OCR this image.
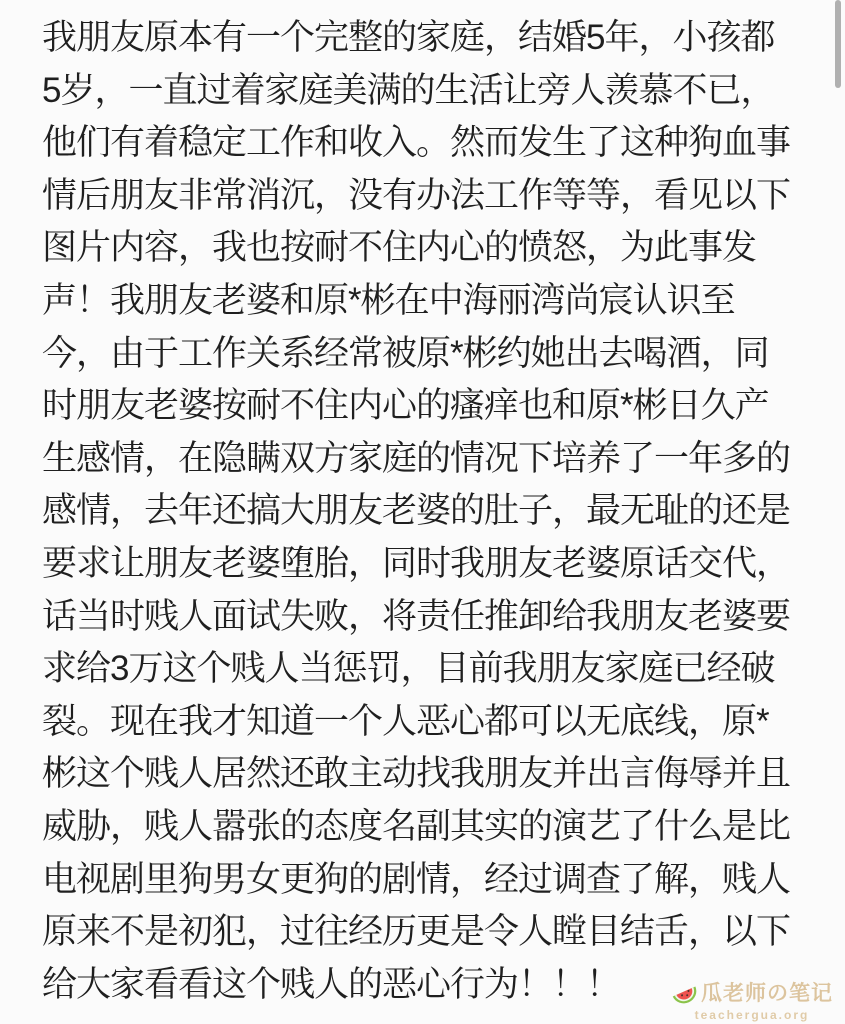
我朋友原本有一个完整的家庭，结婚5年，小孩都
5岁，一直过着家庭美满的生活让旁人羡慕不已，
他们有着稳定工作和收入。然而发生了这种狗血事
情后朋友非常消沉，没有办法工作等等，看见以下
图片内容，我也按耐不住内心的愤怒，为此事发
声！我朋友老婆和原*彬在中海丽湾尚宸认识至
今，由于工作关系经常被原*彬约她出去喝酒，同
时朋友老婆按耐不住内心的瘙痒也和原*彬日久产
生感情，在隐瞒双方家庭的情况下培养了一年多的
感情，去年还搞大朋友老婆的肚子，最无耻的还是
要求让朋友老婆堕胎，同时我朋友老婆原话交代，
话当时贱人面试失败，将责任推卸给我朋友老婆要
求给3万这个贱人当惩罚，目前我朋友家庭已经破
裂。现在我才知道一个人恶心都可以无底线，原*
彬这个贱人居然还敢主动找我朋友并出言侮辱并且
威胁，贱人嚣张的态度名副其实的演艺了什么是比
电视剧里狗男女更狗的剧情，经过调查了解，贱人
原来不是初犯，过往经历更是令人瞠目结舌，以下
给大家看看这个贱人的恶心行为！！！	瓜老师の笔记
teachergua.org
